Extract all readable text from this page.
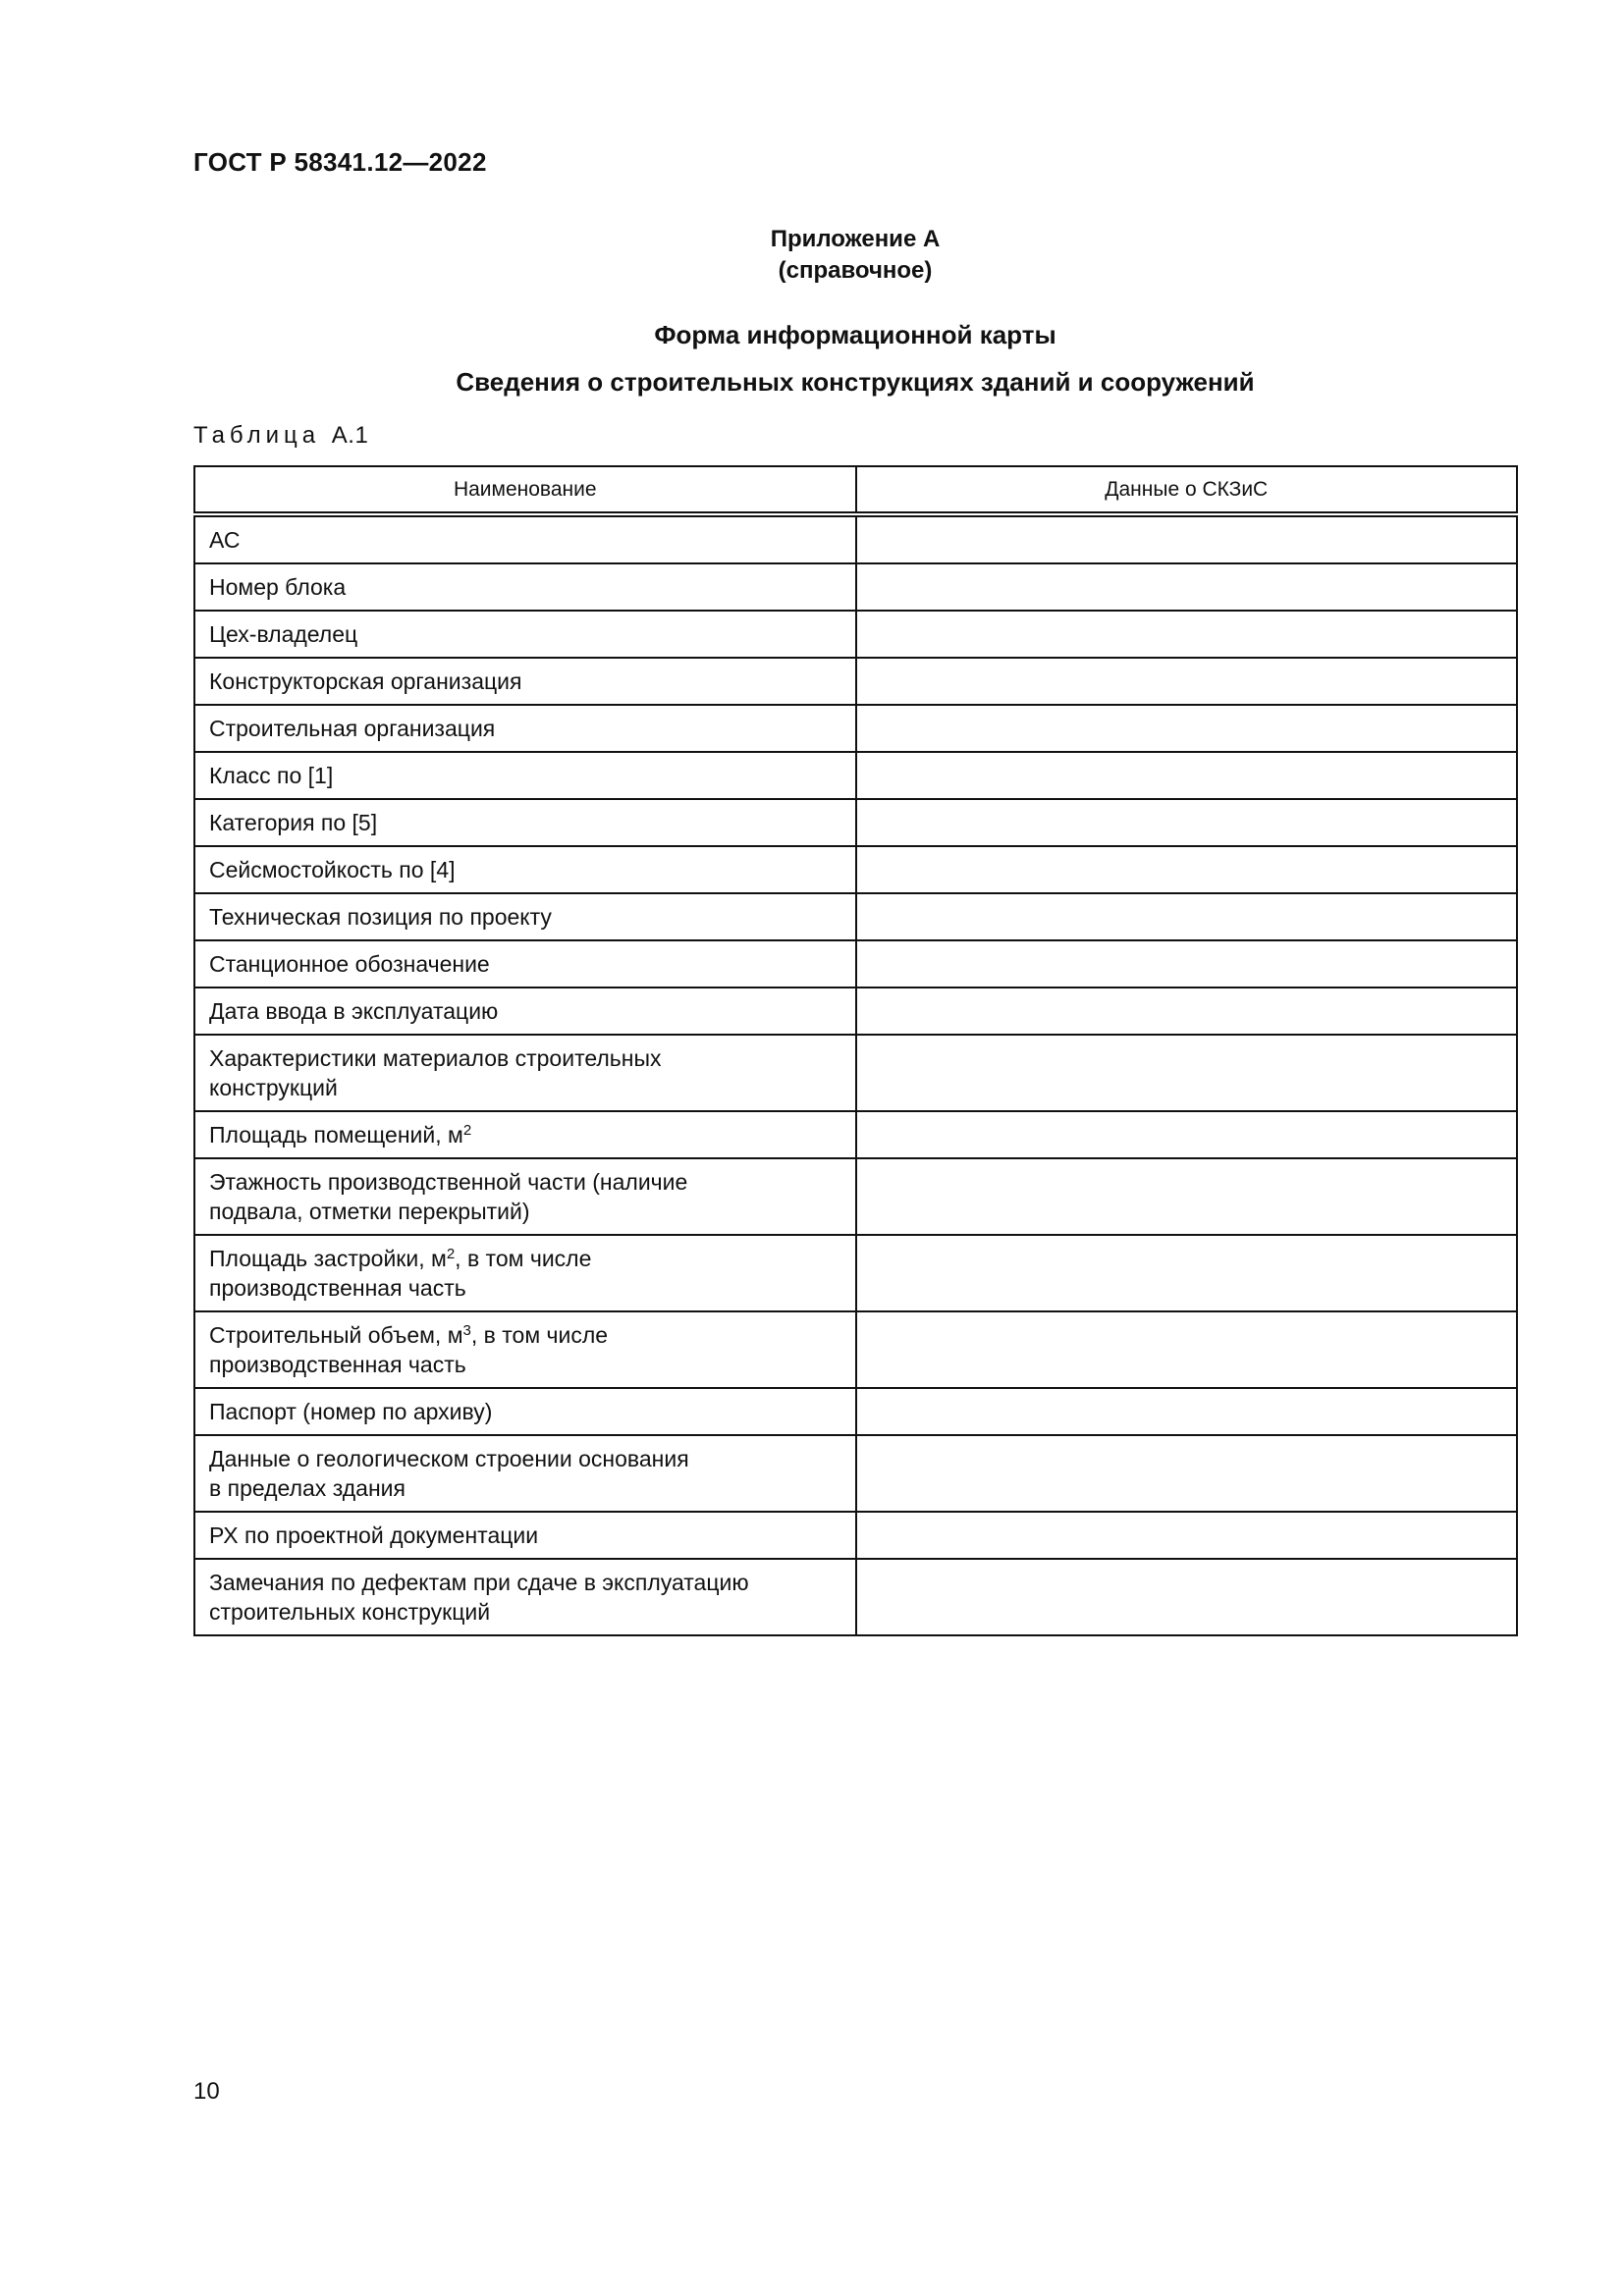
ГОСТ Р 58341.12—2022
Приложение А
(справочное)
Форма информационной карты
Сведения о строительных конструкциях зданий и сооружений
Таблица А.1
Наименование	Данные о СКЗиС
АС	
Номер блока	
Цех-владелец	
Конструкторская организация	
Строительная организация	
Класс по [1]	
Категория по [5]	
Сейсмостойкость по [4]	
Техническая позиция по проекту	
Станционное обозначение	
Дата ввода в эксплуатацию	
Характеристики материалов строительных
конструкций	
Площадь помещений, $м^2$	
Этажность производственной части (наличие
подвала, отметки перекрытий)	
Площадь застройки, $м^2$, в том числе
производственная часть	
Строительный объем, $м^3$, в том числе
производственная часть	
Паспорт (номер по архиву)	
Данные о геологическом строении основания
в пределах здания	
РХ по проектной документации	
Замечания по дефектам при сдаче в эксплуатацию
строительных конструкций	
10
